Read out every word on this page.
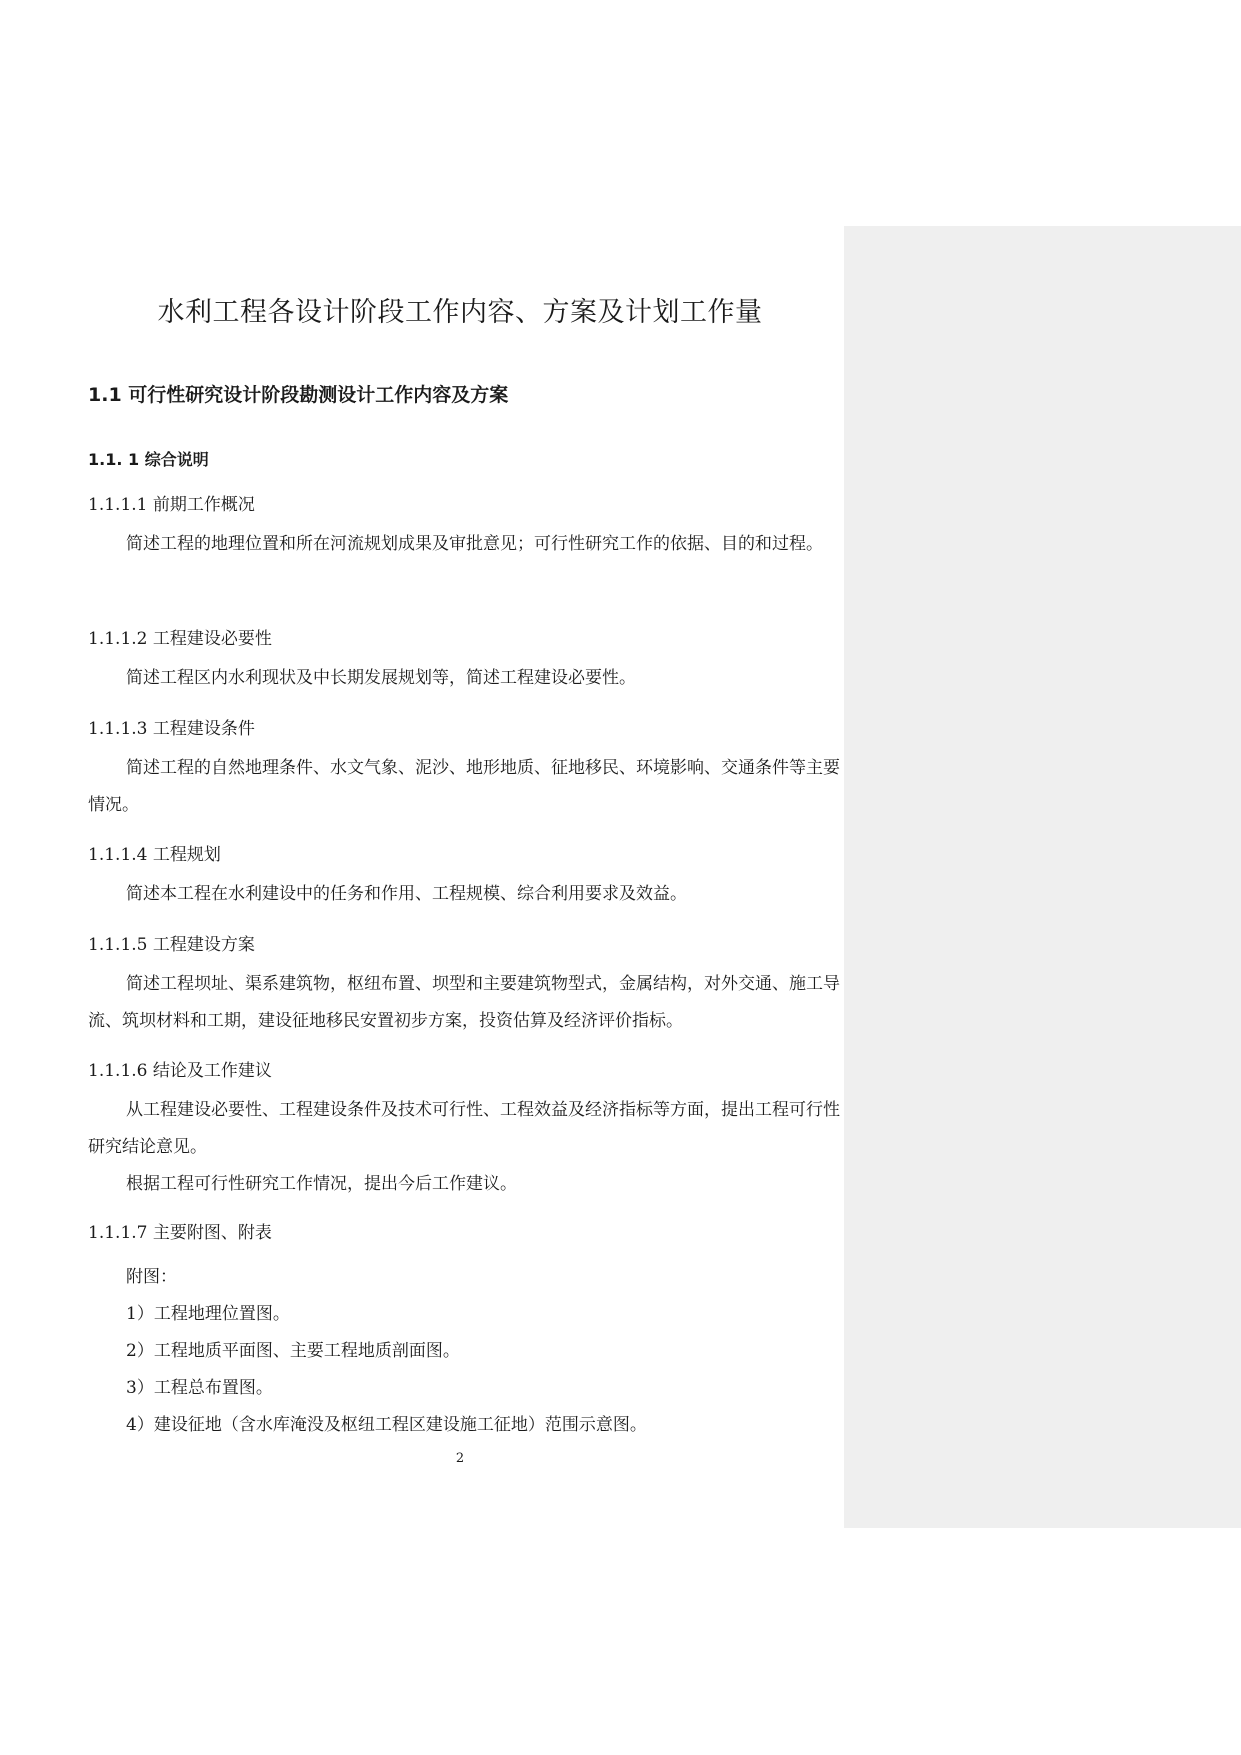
水利工程各设计阶段工作内容、方案及计划工作量
1.1 可行性研究设计阶段勘测设计工作内容及方案
1.1. 1 综合说明
1.1.1.1 前期工作概况

简述工程的地理位置和所在河流规划成果及审批意见；可行性研究工作的依据、目的和过程。

1.1.1.2 工程建设必要性

简述工程区内水利现状及中长期发展规划等，简述工程建设必要性。

1.1.1.3 工程建设条件

简述工程的自然地理条件、水文气象、泥沙、地形地质、征地移民、环境影响、交通条件等主要情况。

1.1.1.4 工程规划

简述本工程在水利建设中的任务和作用、工程规模、综合利用要求及效益。

1.1.1.5 工程建设方案

简述工程坝址、渠系建筑物，枢纽布置、坝型和主要建筑物型式，金属结构，对外交通、施工导流、筑坝材料和工期，建设征地移民安置初步方案，投资估算及经济评价指标。

1.1.1.6 结论及工作建议

从工程建设必要性、工程建设条件及技术可行性、工程效益及经济指标等方面，提出工程可行性研究结论意见。

根据工程可行性研究工作情况，提出今后工作建议。

1.1.1.7 主要附图、附表

附图：

1）工程地理位置图。

2）工程地质平面图、主要工程地质剖面图。

3）工程总布置图。

4）建设征地（含水库淹没及枢纽工程区建设施工征地）范围示意图。

2
